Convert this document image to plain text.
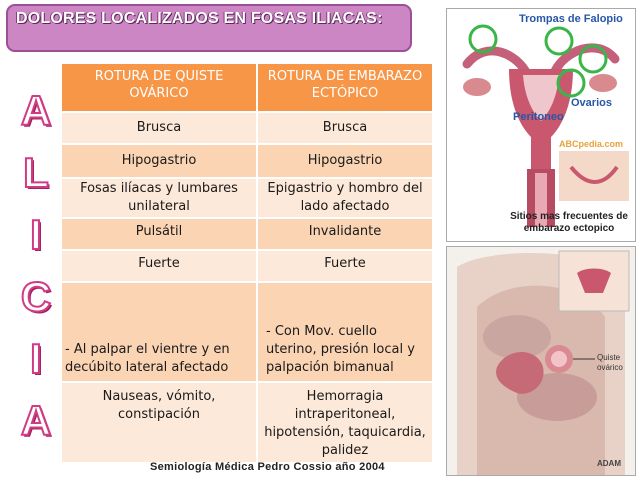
DOLORES LOCALIZADOS EN FOSAS ILIACAS:
A
L
I
C
I
A
ROTURA DE QUISTE OVÁRICO	ROTURA DE EMBARAZO ECTÓPICO
Brusca	Brusca
Hipogastrio	Hipogastrio
Fosas ilíacas y lumbares unilateral	Epigastrio y hombro del lado afectado
Pulsátil	Invalidante
Fuerte	Fuerte
- Al palpar el vientre y en decúbito lateral afectado	- Con Mov. cuello uterino, presión local y palpación bimanual
Nauseas, vómito, constipación	Hemorragia intraperitoneal, hipotensión, taquicardia, palidez
Semiología Médica Pedro Cossio año 2004
Trompas de Falopio
Ovarios
Peritoneo
ABCpedia.com
Sitios mas frecuentes de embarazo ectopico
Quiste ovárico
ADAM
